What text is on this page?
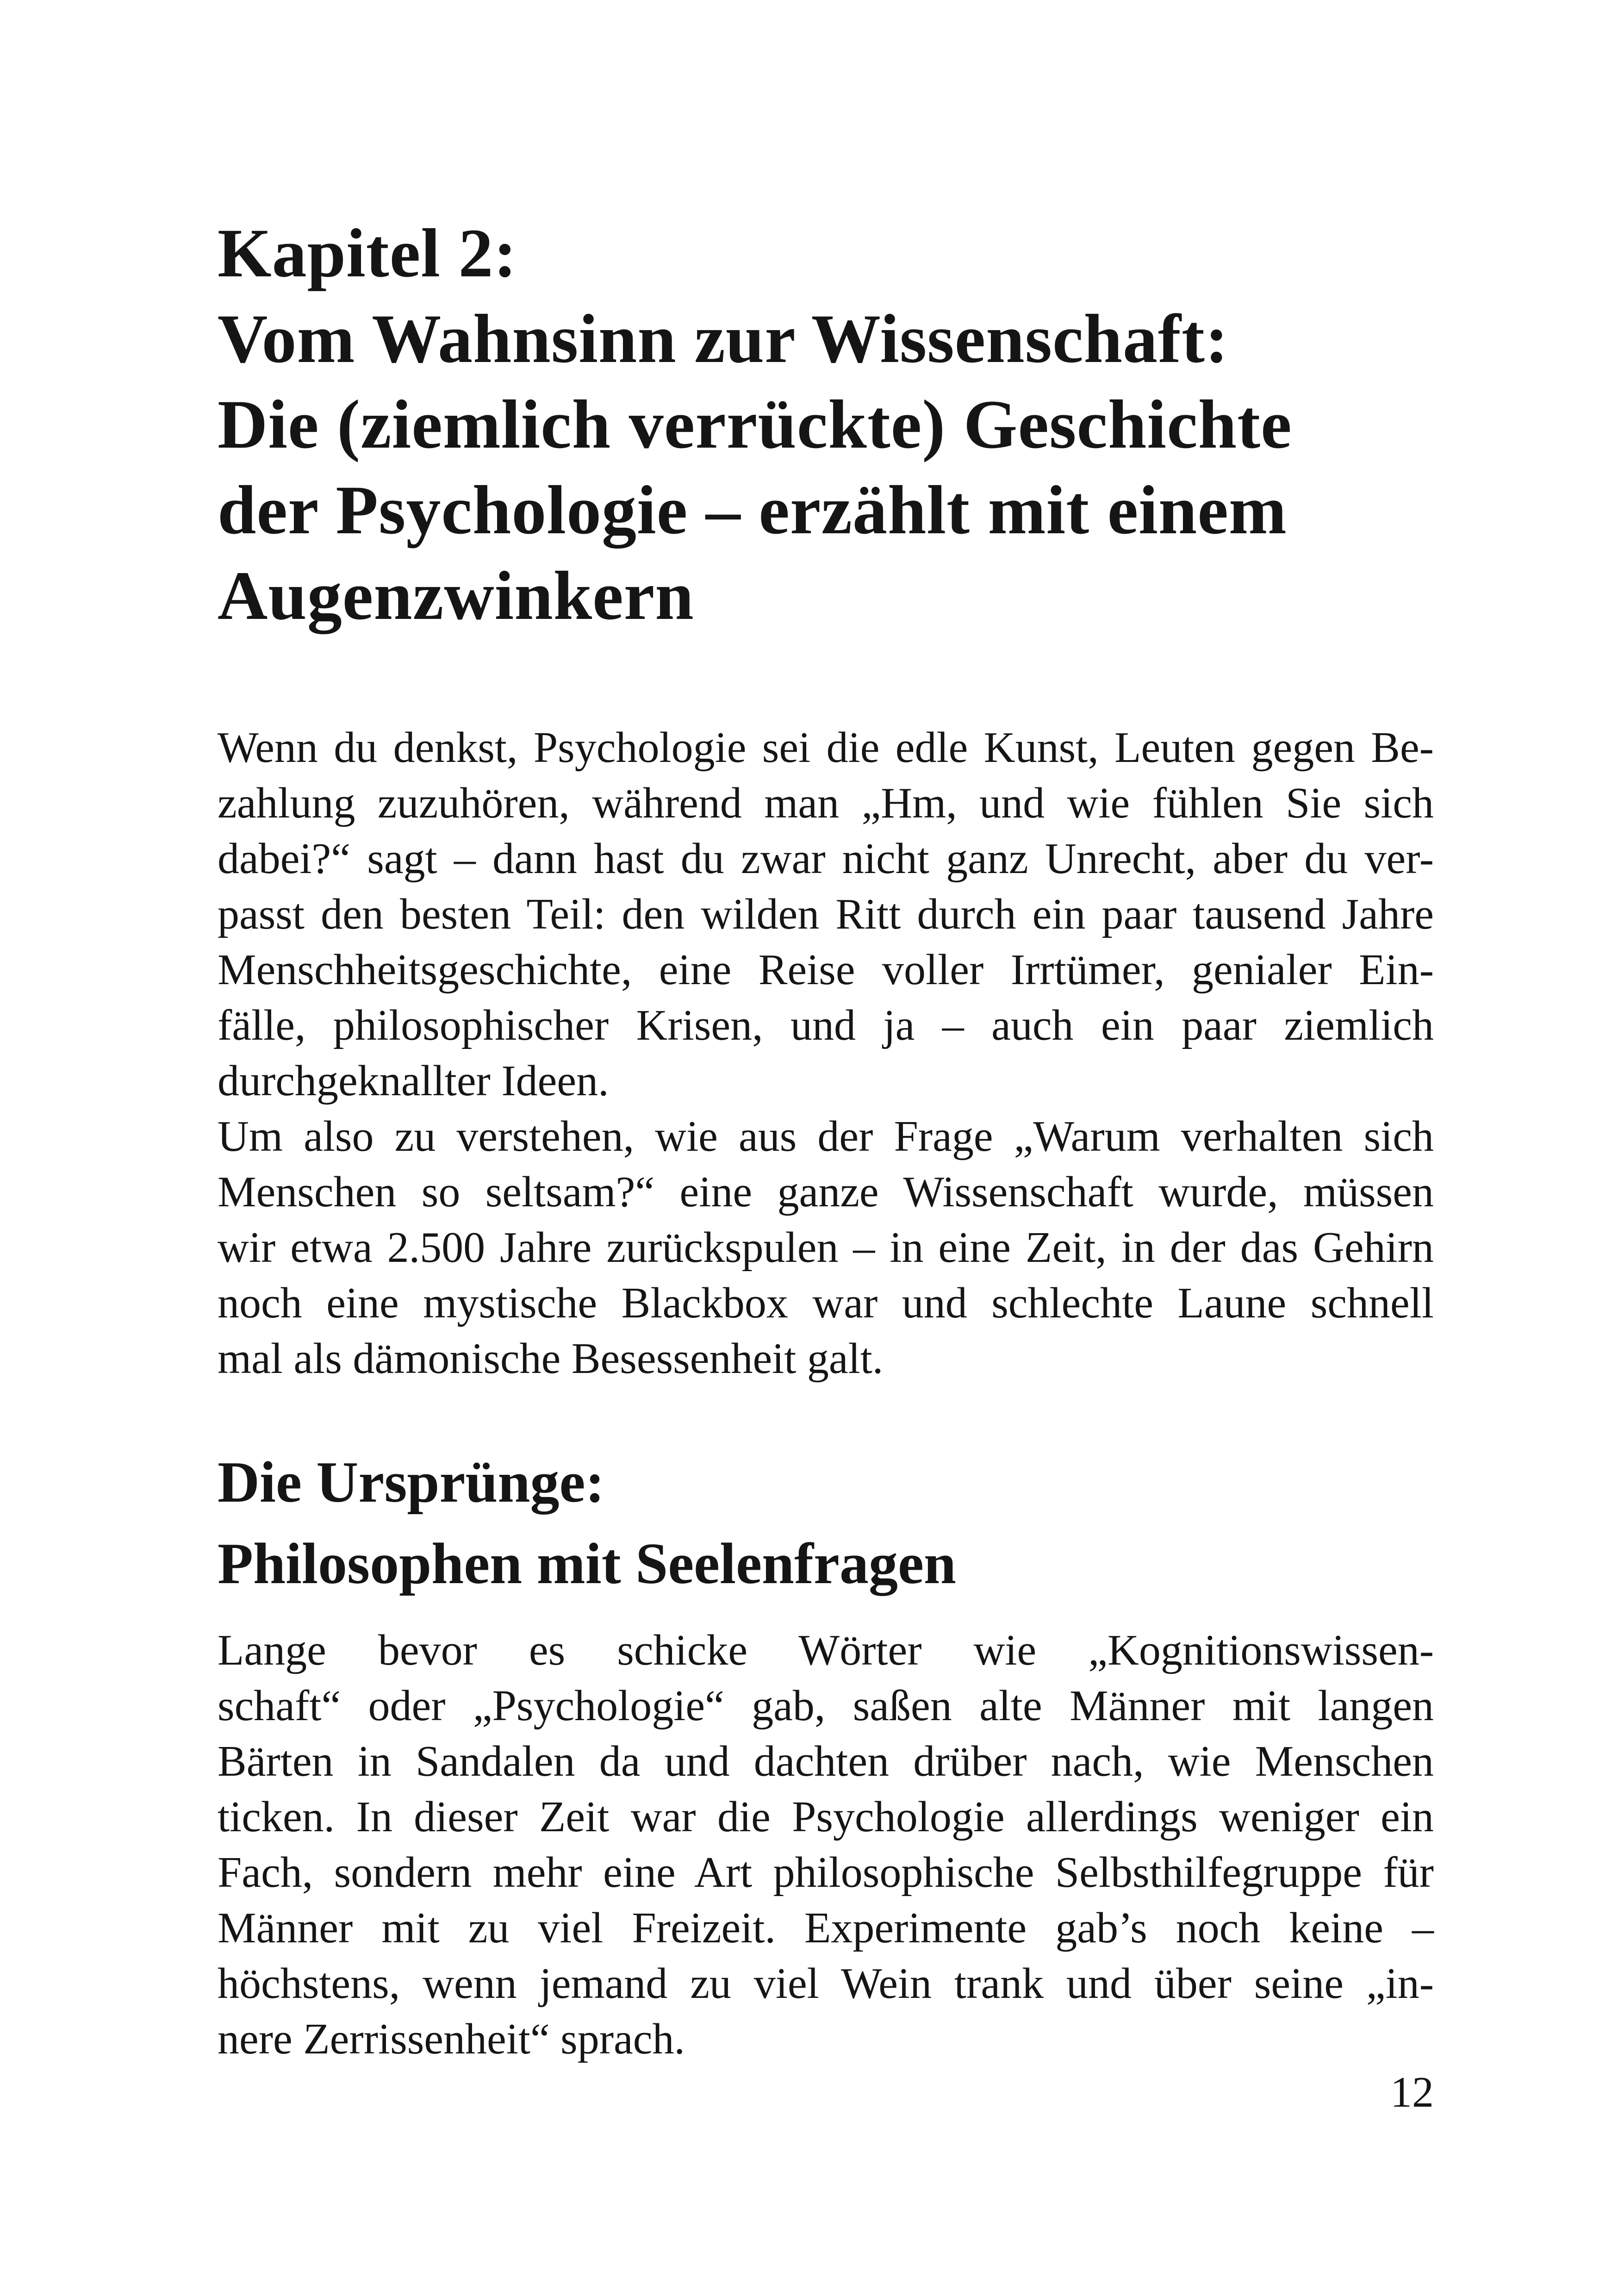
Kapitel 2:
Vom Wahnsinn zur Wissenschaft:
Die (ziemlich verrückte) Geschichte
der Psychologie – erzählt mit einem
Augenzwinkern

Wenn du denkst, Psychologie sei die edle Kunst, Leuten gegen Be-
zahlung zuzuhören, während man „Hm, und wie fühlen Sie sich
dabei?“ sagt – dann hast du zwar nicht ganz Unrecht, aber du ver-
passt den besten Teil: den wilden Ritt durch ein paar tausend Jahre
Menschheitsgeschichte, eine Reise voller Irrtümer, genialer Ein-
fälle, philosophischer Krisen, und ja – auch ein paar ziemlich
durchgeknallter Ideen.

Um also zu verstehen, wie aus der Frage „Warum verhalten sich
Menschen so seltsam?“ eine ganze Wissenschaft wurde, müssen
wir etwa 2.500 Jahre zurückspulen – in eine Zeit, in der das Gehirn
noch eine mystische Blackbox war und schlechte Laune schnell
mal als dämonische Besessenheit galt.

Die Ursprünge:
Philosophen mit Seelenfragen

Lange bevor es schicke Wörter wie „Kognitionswissen-
schaft“ oder „Psychologie“ gab, saßen alte Männer mit langen
Bärten in Sandalen da und dachten drüber nach, wie Menschen
ticken. In dieser Zeit war die Psychologie allerdings weniger ein
Fach, sondern mehr eine Art philosophische Selbsthilfegruppe für
Männer mit zu viel Freizeit. Experimente gab’s noch keine –
höchstens, wenn jemand zu viel Wein trank und über seine „in-
nere Zerrissenheit“ sprach.

12
